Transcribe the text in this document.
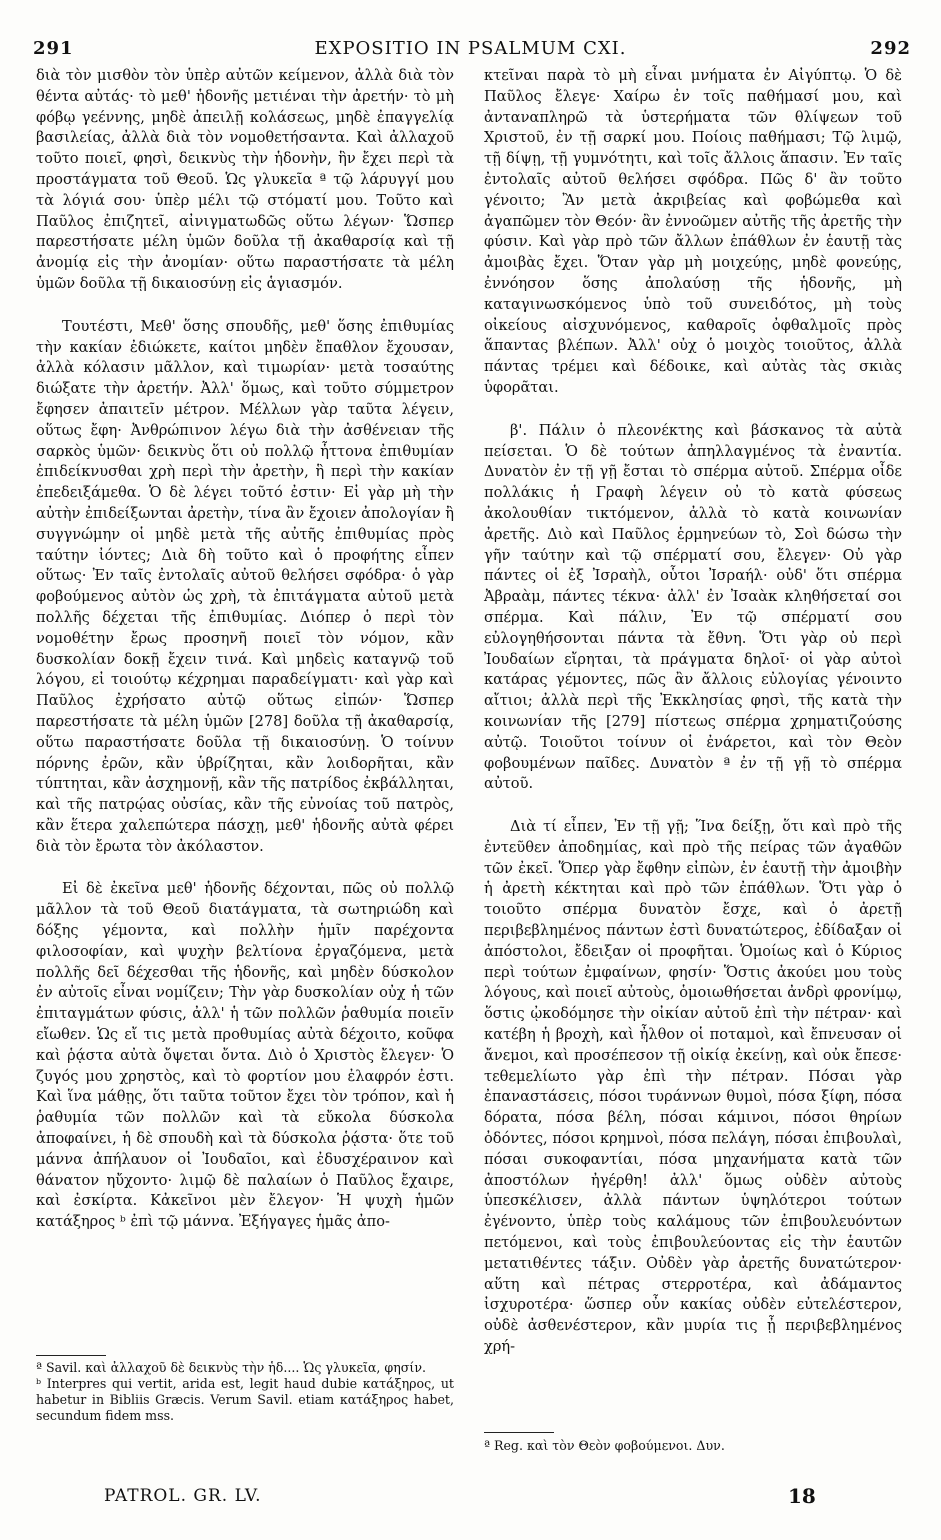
291	EXPOSITIO IN PSALMUM CXI.	292

διὰ τὸν μισθὸν τὸν ὑπὲρ αὐτῶν κείμενον, ἀλλὰ διὰ τὸν θέντα αὐτάς· τὸ μεθ' ἡδονῆς μετιέναι τὴν ἀρετήν· τὸ μὴ φόβῳ γεέννης, μηδὲ ἀπειλῇ κολάσεως, μηδὲ ἐπαγγελίᾳ βασιλείας, ἀλλὰ διὰ τὸν νομοθετήσαντα. Καὶ ἀλλαχοῦ τοῦτο ποιεῖ, φησὶ, δεικνὺς τὴν ἡδονὴν, ἣν ἔχει περὶ τὰ προστάγματα τοῦ Θεοῦ. Ὡς γλυκεῖα ª τῷ λάρυγγί μου τὰ λόγιά σου· ὑπὲρ μέλι τῷ στόματί μου. Τοῦτο καὶ Παῦλος ἐπιζητεῖ, αἰνιγματωδῶς οὕτω λέγων· Ὥσπερ παρεστήσατε μέλη ὑμῶν δοῦλα τῇ ἀκαθαρσίᾳ καὶ τῇ ἀνομίᾳ εἰς τὴν ἀνομίαν· οὕτω παραστήσατε τὰ μέλη ὑμῶν δοῦλα τῇ δικαιοσύνῃ εἰς ἁγιασμόν.

Τουτέστι, Μεθ' ὅσης σπουδῆς, μεθ' ὅσης ἐπιθυμίας τὴν κακίαν ἐδιώκετε, καίτοι μηδὲν ἔπαθλον ἔχουσαν, ἀλλὰ κόλασιν μᾶλλον, καὶ τιμωρίαν· μετὰ τοσαύτης διώξατε τὴν ἀρετήν. Ἀλλ' ὅμως, καὶ τοῦτο σύμμετρον ἔφησεν ἀπαιτεῖν μέτρον. Μέλλων γὰρ ταῦτα λέγειν, οὕτως ἔφη· Ἀνθρώπινον λέγω διὰ τὴν ἀσθένειαν τῆς σαρκὸς ὑμῶν· δεικνὺς ὅτι οὐ πολλῷ ἧττονα ἐπιθυμίαν ἐπιδείκνυσθαι χρὴ περὶ τὴν ἀρετὴν, ἣ περὶ τὴν κακίαν ἐπεδειξάμεθα. Ὁ δὲ λέγει τοῦτό ἐστιν· Εἰ γὰρ μὴ τὴν αὐτὴν ἐπιδείξωνται ἀρετὴν, τίνα ἂν ἔχοιεν ἀπολογίαν ἢ συγγνώμην οἱ μηδὲ μετὰ τῆς αὐτῆς ἐπιθυμίας πρὸς ταύτην ἰόντες; Διὰ δὴ τοῦτο καὶ ὁ προφήτης εἶπεν οὕτως· Ἐν ταῖς ἐντολαῖς αὐτοῦ θελήσει σφόδρα· ὁ γὰρ φοβούμενος αὐτὸν ὡς χρὴ, τὰ ἐπιτάγματα αὐτοῦ μετὰ πολλῆς δέχεται τῆς ἐπιθυμίας. Διόπερ ὁ περὶ τὸν νομοθέτην ἔρως προσηνῆ ποιεῖ τὸν νόμον, κἂν δυσκολίαν δοκῇ ἔχειν τινά. Καὶ μηδεὶς καταγνῷ τοῦ λόγου, εἰ τοιούτῳ κέχρημαι παραδείγματι· καὶ γὰρ καὶ Παῦλος ἐχρήσατο αὐτῷ οὕτως εἰπών· Ὥσπερ παρεστήσατε τὰ μέλη ὑμῶν [278] δοῦλα τῇ ἀκαθαρσίᾳ, οὕτω παραστήσατε δοῦλα τῇ δικαιοσύνῃ. Ὁ τοίνυν πόρνης ἐρῶν, κἂν ὑβρίζηται, κἂν λοιδορῆται, κἂν τύπτηται, κἂν ἀσχημονῇ, κἂν τῆς πατρίδος ἐκβάλληται, καὶ τῆς πατρῴας οὐσίας, κἂν τῆς εὐνοίας τοῦ πατρὸς, κἂν ἕτερα χαλεπώτερα πάσχῃ, μεθ' ἡδονῆς αὐτὰ φέρει διὰ τὸν ἔρωτα τὸν ἀκόλαστον.

Εἰ δὲ ἐκεῖνα μεθ' ἡδονῆς δέχονται, πῶς οὐ πολλῷ μᾶλλον τὰ τοῦ Θεοῦ διατάγματα, τὰ σωτηριώδη καὶ δόξης γέμοντα, καὶ πολλὴν ἡμῖν παρέχοντα φιλοσοφίαν, καὶ ψυχὴν βελτίονα ἐργαζόμενα, μετὰ πολλῆς δεῖ δέχεσθαι τῆς ἡδονῆς, καὶ μηδὲν δύσκολον ἐν αὐτοῖς εἶναι νομίζειν; Τὴν γὰρ δυσκολίαν οὐχ ἡ τῶν ἐπιταγμάτων φύσις, ἀλλ' ἡ τῶν πολλῶν ῥαθυμία ποιεῖν εἴωθεν. Ὡς εἴ τις μετὰ προθυμίας αὐτὰ δέχοιτο, κοῦφα καὶ ῥᾴστα αὐτὰ ὄψεται ὄντα. Διὸ ὁ Χριστὸς ἔλεγεν· Ὁ ζυγός μου χρηστὸς, καὶ τὸ φορτίον μου ἐλαφρόν ἐστι. Καὶ ἵνα μάθῃς, ὅτι ταῦτα τοῦτον ἔχει τὸν τρόπον, καὶ ἡ ῥαθυμία τῶν πολλῶν καὶ τὰ εὔκολα δύσκολα ἀποφαίνει, ἡ δὲ σπουδὴ καὶ τὰ δύσκολα ῥᾴστα· ὅτε τοῦ μάννα ἀπήλαυον οἱ Ἰουδαῖοι, καὶ ἐδυσχέραινον καὶ θάνατον ηὔχοντο· λιμῷ δὲ παλαίων ὁ Παῦλος ἔχαιρε, καὶ ἐσκίρτα. Κἀκεῖνοι μὲν ἔλεγον· Ἡ ψυχὴ ἡμῶν κατάξηρος ᵇ ἐπὶ τῷ μάννα. Ἐξήγαγες ἡμᾶς ἀπο-

κτεῖναι παρὰ τὸ μὴ εἶναι μνήματα ἐν Αἰγύπτῳ. Ὁ δὲ Παῦλος ἔλεγε· Χαίρω ἐν τοῖς παθήμασί μου, καὶ ἀνταναπληρῶ τὰ ὑστερήματα τῶν θλίψεων τοῦ Χριστοῦ, ἐν τῇ σαρκί μου. Ποίοις παθήμασι; Τῷ λιμῷ, τῇ δίψῃ, τῇ γυμνότητι, καὶ τοῖς ἄλλοις ἅπασιν. Ἐν ταῖς ἐντολαῖς αὐτοῦ θελήσει σφόδρα. Πῶς δ' ἂν τοῦτο γένοιτο; Ἂν μετὰ ἀκριβείας καὶ φοβώμεθα καὶ ἀγαπῶμεν τὸν Θεόν· ἂν ἐννοῶμεν αὐτῆς τῆς ἀρετῆς τὴν φύσιν. Καὶ γὰρ πρὸ τῶν ἄλλων ἐπάθλων ἐν ἑαυτῇ τὰς ἀμοιβὰς ἔχει. Ὅταν γὰρ μὴ μοιχεύῃς, μηδὲ φονεύῃς, ἐννόησον ὅσης ἀπολαύσῃ τῆς ἡδονῆς, μὴ καταγινωσκόμενος ὑπὸ τοῦ συνειδότος, μὴ τοὺς οἰκείους αἰσχυνόμενος, καθαροῖς ὀφθαλμοῖς πρὸς ἅπαντας βλέπων. Ἀλλ' οὐχ ὁ μοιχὸς τοιοῦτος, ἀλλὰ πάντας τρέμει καὶ δέδοικε, καὶ αὐτὰς τὰς σκιὰς ὑφορᾶται.

β'. Πάλιν ὁ πλεονέκτης καὶ βάσκανος τὰ αὐτὰ πείσεται. Ὁ δὲ τούτων ἀπηλλαγμένος τὰ ἐναντία. Δυνατὸν ἐν τῇ γῇ ἔσται τὸ σπέρμα αὐτοῦ. Σπέρμα οἶδε πολλάκις ἡ Γραφὴ λέγειν οὐ τὸ κατὰ φύσεως ἀκολουθίαν τικτόμενον, ἀλλὰ τὸ κατὰ κοινωνίαν ἀρετῆς. Διὸ καὶ Παῦλος ἑρμηνεύων τὸ, Σοὶ δώσω τὴν γῆν ταύτην καὶ τῷ σπέρματί σου, ἔλεγεν· Οὐ γὰρ πάντες οἱ ἐξ Ἰσραὴλ, οὗτοι Ἰσραήλ· οὐδ' ὅτι σπέρμα Ἀβραὰμ, πάντες τέκνα· ἀλλ' ἐν Ἰσαὰκ κληθήσεταί σοι σπέρμα. Καὶ πάλιν, Ἐν τῷ σπέρματί σου εὐλογηθήσονται πάντα τὰ ἔθνη. Ὅτι γὰρ οὐ περὶ Ἰουδαίων εἴρηται, τὰ πράγματα δηλοῖ· οἱ γὰρ αὐτοὶ κατάρας γέμοντες, πῶς ἂν ἄλλοις εὐλογίας γένοιντο αἴτιοι; ἀλλὰ περὶ τῆς Ἐκκλησίας φησὶ, τῆς κατὰ τὴν κοινωνίαν τῆς [279] πίστεως σπέρμα χρηματιζούσης αὐτῷ. Τοιοῦτοι τοίνυν οἱ ἐνάρετοι, καὶ τὸν Θεὸν φοβουμένων παῖδες. Δυνατὸν ª ἐν τῇ γῇ τὸ σπέρμα αὐτοῦ.

Διὰ τί εἶπεν, Ἐν τῇ γῇ; Ἵνα δείξῃ, ὅτι καὶ πρὸ τῆς ἐντεῦθεν ἀποδημίας, καὶ πρὸ τῆς πείρας τῶν ἀγαθῶν τῶν ἐκεῖ. Ὅπερ γὰρ ἔφθην εἰπὼν, ἐν ἑαυτῇ τὴν ἀμοιβὴν ἡ ἀρετὴ κέκτηται καὶ πρὸ τῶν ἐπάθλων. Ὅτι γὰρ ὁ τοιοῦτο σπέρμα δυνατὸν ἔσχε, καὶ ὁ ἀρετῇ περιβεβλημένος πάντων ἐστὶ δυνατώτερος, ἐδίδαξαν οἱ ἀπόστολοι, ἔδειξαν οἱ προφῆται. Ὁμοίως καὶ ὁ Κύριος περὶ τούτων ἐμφαίνων, φησίν· Ὅστις ἀκούει μου τοὺς λόγους, καὶ ποιεῖ αὐτοὺς, ὁμοιωθήσεται ἀνδρὶ φρονίμῳ, ὅστις ᾠκοδόμησε τὴν οἰκίαν αὐτοῦ ἐπὶ τὴν πέτραν· καὶ κατέβη ἡ βροχὴ, καὶ ἦλθον οἱ ποταμοὶ, καὶ ἔπνευσαν οἱ ἄνεμοι, καὶ προσέπεσον τῇ οἰκίᾳ ἐκείνῃ, καὶ οὐκ ἔπεσε· τεθεμελίωτο γὰρ ἐπὶ τὴν πέτραν. Πόσαι γὰρ ἐπαναστάσεις, πόσοι τυράννων θυμοὶ, πόσα ξίφη, πόσα δόρατα, πόσα βέλη, πόσαι κάμινοι, πόσοι θηρίων ὀδόντες, πόσοι κρημνοὶ, πόσα πελάγη, πόσαι ἐπιβουλαὶ, πόσαι συκοφαντίαι, πόσα μηχανήματα κατὰ τῶν ἀποστόλων ἠγέρθη! ἀλλ' ὅμως οὐδὲν αὐτοὺς ὑπεσκέλισεν, ἀλλὰ πάντων ὑψηλότεροι τούτων ἐγένοντο, ὑπὲρ τοὺς καλάμους τῶν ἐπιβουλευόντων πετόμενοι, καὶ τοὺς ἐπιβουλεύοντας εἰς τὴν ἑαυτῶν μετατιθέντες τάξιν. Οὐδὲν γὰρ ἀρετῆς δυνατώτερον· αὕτη καὶ πέτρας στερροτέρα, καὶ ἀδάμαντος ἰσχυροτέρα· ὥσπερ οὖν κακίας οὐδὲν εὐτελέστερον, οὐδὲ ἀσθενέστερον, κἂν μυρία τις ᾖ περιβεβλημένος χρή-

ª Savil. καὶ ἀλλαχοῦ δὲ δεικνὺς τὴν ἡδ.... Ὡς γλυκεῖα, φησίν.

ᵇ Interpres qui vertit, arida est, legit haud dubie κατάξηρος, ut habetur in Bibliis Græcis. Verum Savil. etiam κατάξηρος habet, secundum fidem mss.

ª Reg. καὶ τὸν Θεὸν φοβούμενοι. Δυν.

PATROL. GR. LV.	18
